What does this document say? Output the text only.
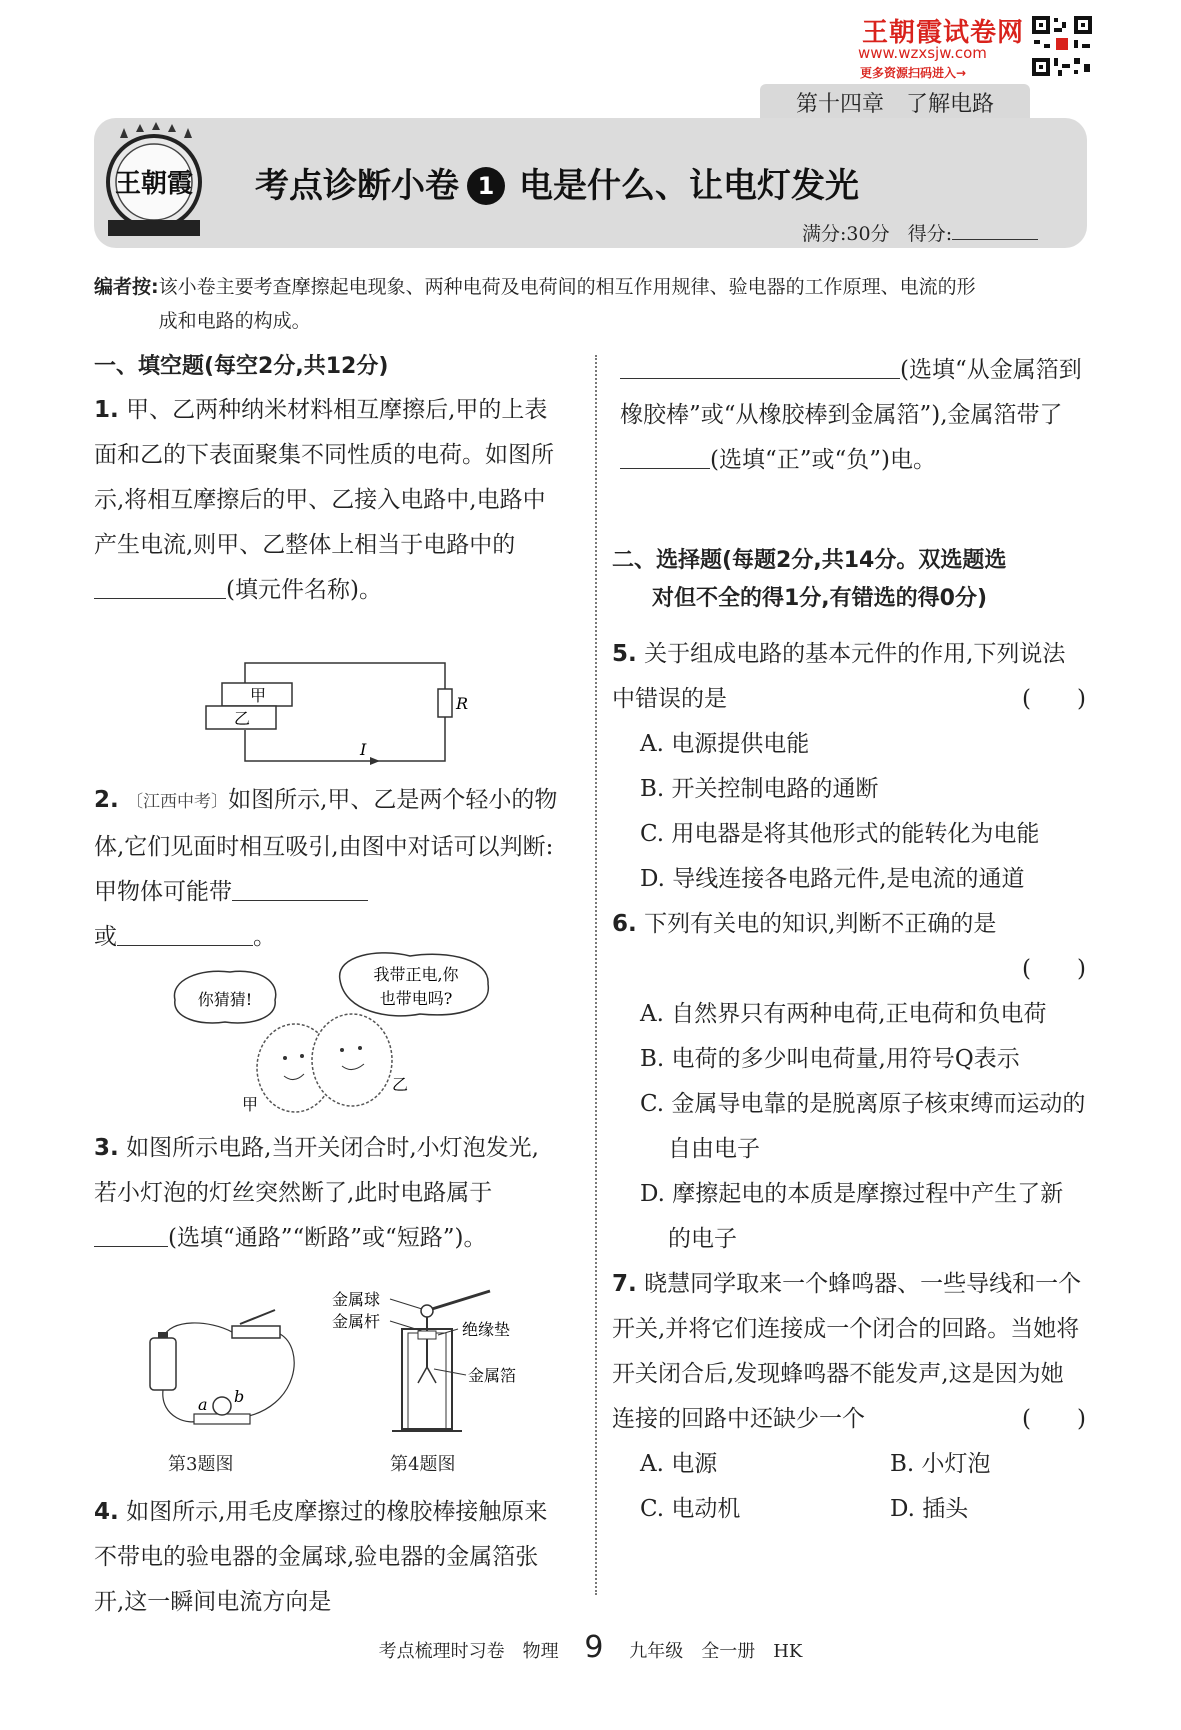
王朝霞试卷网
www.wzxsjw.com
更多资源扫码进入→
第十四章　了解电路
王朝霞 考点诊断小卷 1 电是什么、让电灯发光
满分:30分 得分:
编者按:该小卷主要考查摩擦起电现象、两种电荷及电荷间的相互作用规律、验电器的工作原理、电流的形成和电路的构成。
一、填空题(每空2分,共12分)
1. 甲、乙两种纳米材料相互摩擦后,甲的上表面和乙的下表面聚集不同性质的电荷。如图所示,将相互摩擦后的甲、乙接入电路中,电路中产生电流,则甲、乙整体上相当于电路中的(填元件名称)。
甲
乙
R
I
2. 〔江西中考〕如图所示,甲、乙是两个轻小的物体,它们见面时相互吸引,由图中对话可以判断:甲物体可能带
或	。
你猜猜!
我带正电,你
也带电吗?
甲
乙
3. 如图所示电路,当开关闭合时,小灯泡发光,若小灯泡的灯丝突然断了,此时电路属于(选填“通路”“断路”或“短路”)。
a b
第3题图
金属球
金属杆	绝缘垫
金属箔
第4题图
4. 如图所示,用毛皮摩擦过的橡胶棒接触原来不带电的验电器的金属球,验电器的金属箔张开,这一瞬间电流方向是
(选填“从金属箔到橡胶棒”或“从橡胶棒到金属箔”),金属箔带了(选填“正”或“负”)电。
二、选择题(每题2分,共14分。双选题选
对但不全的得1分,有错选的得0分)
5. 关于组成电路的基本元件的作用,下列说法中错误的是	(　　)
A. 电源提供电能
B. 开关控制电路的通断
C. 用电器是将其他形式的能转化为电能
D. 导线连接各电路元件,是电流的通道
6. 下列有关电的知识,判断不正确的是

(　　)

A. 自然界只有两种电荷,正电荷和负电荷
B. 电荷的多少叫电荷量,用符号Q表示
C. 金属导电靠的是脱离原子核束缚而运动的自由电子
D. 摩擦起电的本质是摩擦过程中产生了新的电子
7. 晓慧同学取来一个蜂鸣器、一些导线和一个开关,并将它们连接成一个闭合的回路。当她将开关闭合后,发现蜂鸣器不能发声,这是因为她连接的回路中还缺少一个	(　　)
A. 电源	B. 小灯泡
C. 电动机	D. 插头
考点梳理时习卷　物理 9 九年级　全一册　HK
